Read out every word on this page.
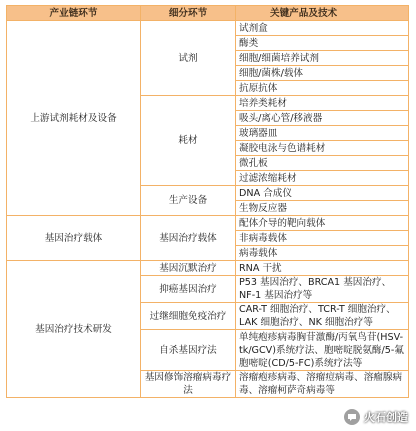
产业链环节	细分环节	关键产品及技术
上游试剂耗材及设备	试剂	试剂盒
		酶类
		细胞/细菌培养试剂
		细胞/菌株/载体
		抗原抗体
	耗材	培养类耗材
		吸头/离心管/移液器
		玻璃器皿
		凝胶电泳与色谱耗材
		微孔板
		过滤浓缩耗材
	生产设备	DNA 合成仪
		生物反应器
基因治疗载体	基因治疗载体	配体介导的靶向载体
		非病毒载体
		病毒载体
基因治疗技术研发	基因沉默治疗	RNA 干扰
	抑癌基因治疗	P53 基因治疗、BRCA1 基因治疗、NF-1 基因治疗等
	过继细胞免疫治疗	CAR-T 细胞治疗、TCR-T 细胞治疗、LAK 细胞治疗、NK 细胞治疗等
	自杀基因疗法	单纯疱疹病毒胸苷激酶/丙氧鸟苷(HSV-tk/GCV)系统疗法、胞嘧啶脱氨酶/5-氟胞嘧啶(CD/5-FC)系统疗法等
	基因修饰溶瘤病毒疗法	溶瘤疱疹病毒、溶瘤痘病毒、溶瘤腺病毒、溶瘤柯萨奇病毒等
火石创造
